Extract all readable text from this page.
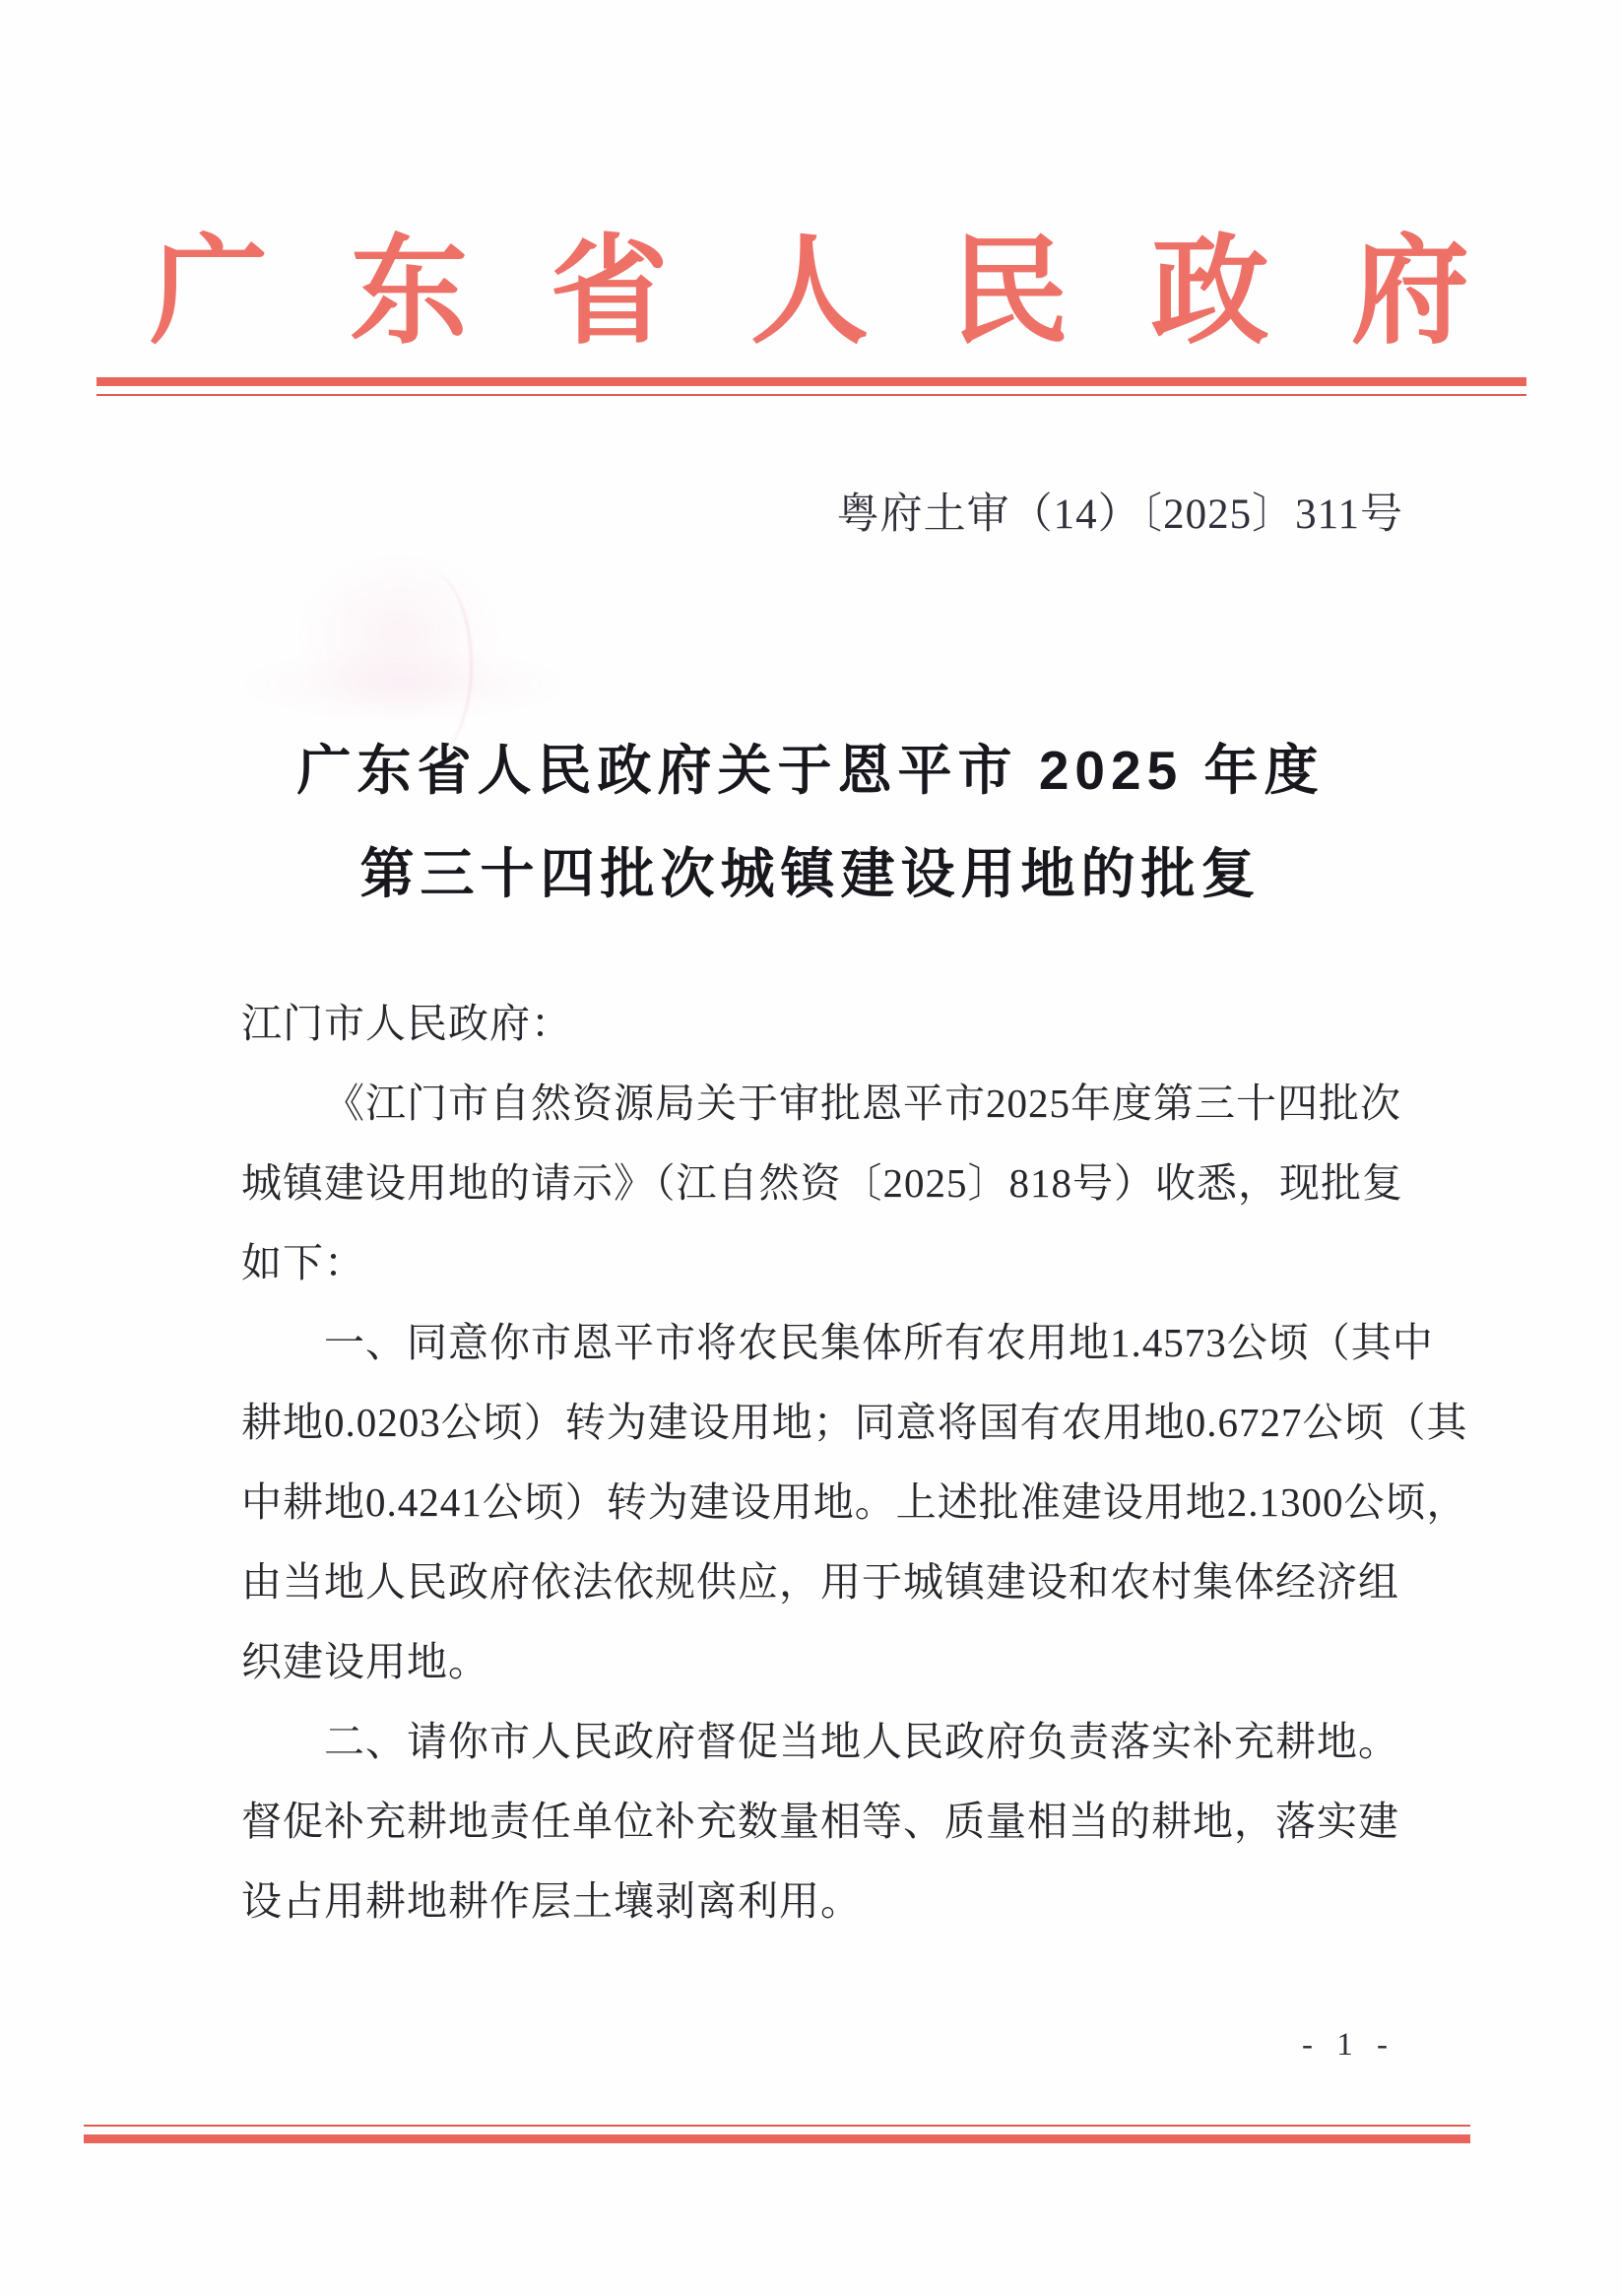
广 东 省 人 民 政 府
粤府土审（14）〔2025〕311号
广东省人民政府关于恩平市 2025 年度
第三十四批次城镇建设用地的批复
江门市人民政府：
《江门市自然资源局关于审批恩平市2025年度第三十四批次
城镇建设用地的请示》（江自然资〔2025〕818号）收悉，现批复
如下：
一、同意你市恩平市将农民集体所有农用地1.4573公顷（其中
耕地0.0203公顷）转为建设用地；同意将国有农用地0.6727公顷（其
中耕地0.4241公顷）转为建设用地。上述批准建设用地2.1300公顷，
由当地人民政府依法依规供应，用于城镇建设和农村集体经济组
织建设用地。
二、请你市人民政府督促当地人民政府负责落实补充耕地。
督促补充耕地责任单位补充数量相等、质量相当的耕地，落实建
设占用耕地耕作层土壤剥离利用。
- 1 -
